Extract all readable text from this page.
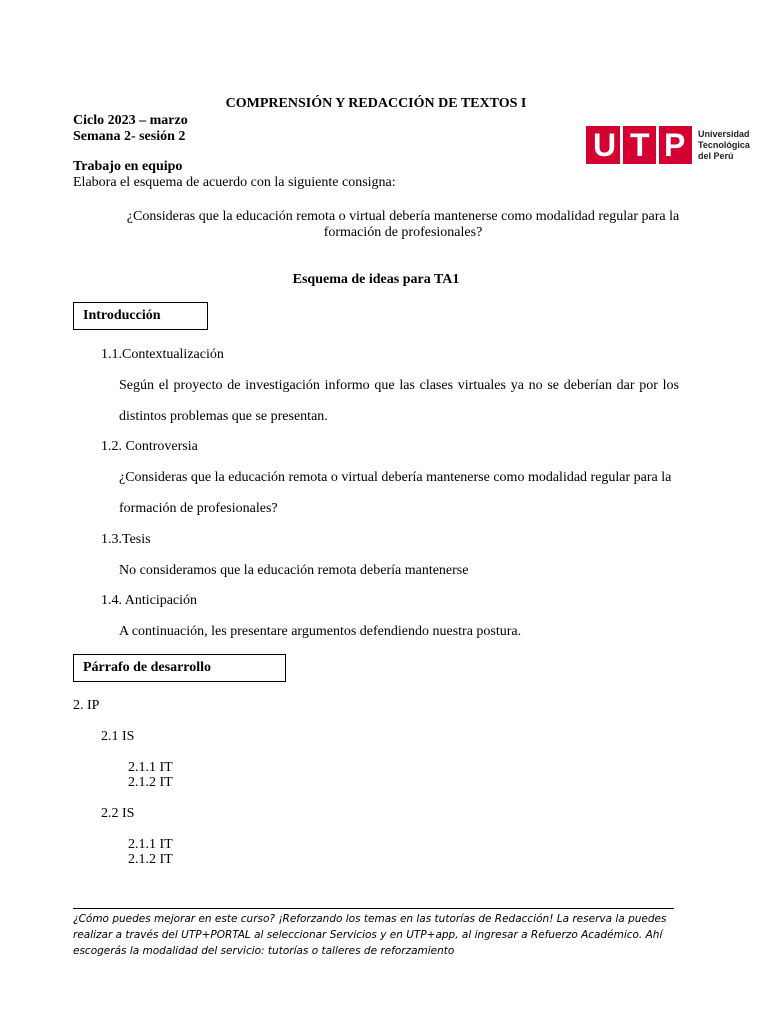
COMPRENSIÓN Y REDACCIÓN DE TEXTOS I
Ciclo 2023 – marzo
Semana 2- sesión 2
Trabajo en equipo
Elabora el esquema de acuerdo con la siguiente consigna:
U T P Universidad
Tecnológica
del Perú
¿Consideras que la educación remota o virtual debería mantenerse como modalidad regular para la
formación de profesionales?
Esquema de ideas para TA1
Introducción
1.1.Contextualización
Según el proyecto de investigación informo que las clases virtuales ya no se deberían dar por los
distintos problemas que se presentan.
1.2. Controversia
¿Consideras que la educación remota o virtual debería mantenerse como modalidad regular para la
formación de profesionales?
1.3.Tesis
No consideramos que la educación remota debería mantenerse
1.4. Anticipación
A continuación, les presentare argumentos defendiendo nuestra postura.
Párrafo de desarrollo
2. IP
2.1 IS
2.1.1 IT
2.1.2 IT
2.2 IS
2.1.1 IT
2.1.2 IT
¿Cómo puedes mejorar en este curso? ¡Reforzando los temas en las tutorías de Redacción! La reserva la puedes
realizar a través del UTP+PORTAL al seleccionar Servicios y en UTP+app, al ingresar a Refuerzo Académico. Ahí
escogerás la modalidad del servicio: tutorías o talleres de reforzamiento
